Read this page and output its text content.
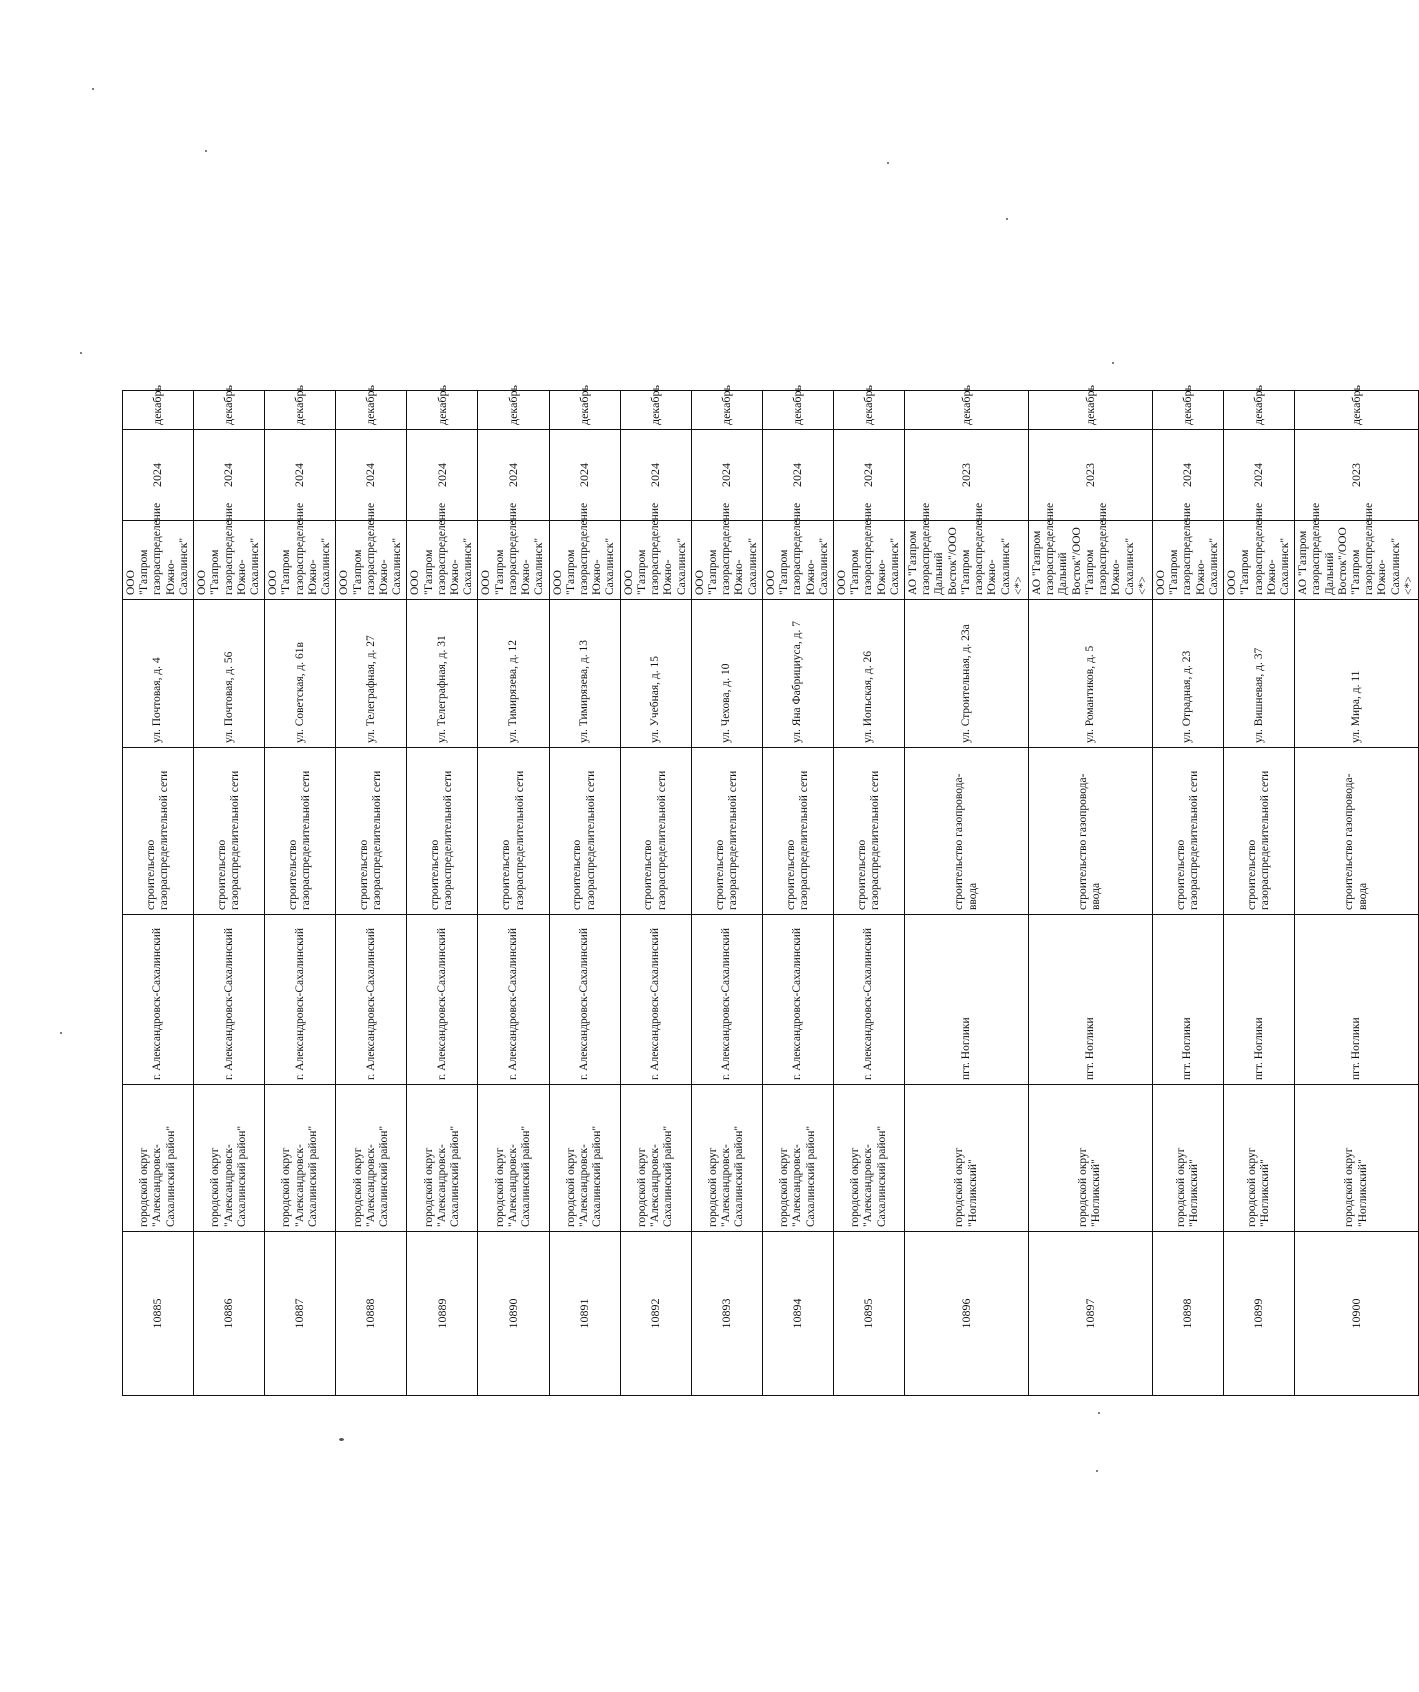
10885	городской округ "Александровск-Сахалинский район"	г. Александровск-Сахалинский	строительство газораспределительной сети	ул. Почтовая, д. 4	ООО "Газпром газораспределение Южно-Сахалинск"	2024	декабрь
10886	городской округ "Александровск-Сахалинский район"	г. Александровск-Сахалинский	строительство газораспределительной сети	ул. Почтовая, д. 56	ООО "Газпром газораспределение Южно-Сахалинск"	2024	декабрь
10887	городской округ "Александровск-Сахалинский район"	г. Александровск-Сахалинский	строительство газораспределительной сети	ул. Советская, д. 61в	ООО "Газпром газораспределение Южно-Сахалинск"	2024	декабрь
10888	городской округ "Александровск-Сахалинский район"	г. Александровск-Сахалинский	строительство газораспределительной сети	ул. Телеграфная, д. 27	ООО "Газпром газораспределение Южно-Сахалинск"	2024	декабрь
10889	городской округ "Александровск-Сахалинский район"	г. Александровск-Сахалинский	строительство газораспределительной сети	ул. Телеграфная, д. 31	ООО "Газпром газораспределение Южно-Сахалинск"	2024	декабрь
10890	городской округ "Александровск-Сахалинский район"	г. Александровск-Сахалинский	строительство газораспределительной сети	ул. Тимирязева, д. 12	ООО "Газпром газораспределение Южно-Сахалинск"	2024	декабрь
10891	городской округ "Александровск-Сахалинский район"	г. Александровск-Сахалинский	строительство газораспределительной сети	ул. Тимирязева, д. 13	ООО "Газпром газораспределение Южно-Сахалинск"	2024	декабрь
10892	городской округ "Александровск-Сахалинский район"	г. Александровск-Сахалинский	строительство газораспределительной сети	ул. Учебная, д. 15	ООО "Газпром газораспределение Южно-Сахалинск"	2024	декабрь
10893	городской округ "Александровск-Сахалинский район"	г. Александровск-Сахалинский	строительство газораспределительной сети	ул. Чехова, д. 10	ООО "Газпром газораспределение Южно-Сахалинск"	2024	декабрь
10894	городской округ "Александровск-Сахалинский район"	г. Александровск-Сахалинский	строительство газораспределительной сети	ул. Яна Фабрициуса, д. 7	ООО "Газпром газораспределение Южно-Сахалинск"	2024	декабрь
10895	городской округ "Александровск-Сахалинский район"	г. Александровск-Сахалинский	строительство газораспределительной сети	ул. Иопьская, д. 26	ООО "Газпром газораспределение Южно-Сахалинск"	2024	декабрь
10896	городской округ "Ногликский"	пгт. Ноглики	строительство газопровода-ввода	ул. Строительная, д. 23а	АО "Газпром газораспределение Дальний Восток"/ООО "Газпром газораспределение Южно-Сахалинск" <*>	2023	декабрь
10897	городской округ "Ногликский"	пгт. Ноглики	строительство газопровода-ввода	ул. Романтиков, д. 5	АО "Газпром газораспределение Дальний Восток"/ООО "Газпром газораспределение Южно-Сахалинск" <*>	2023	декабрь
10898	городской округ "Ногликский"	пгт. Ноглики	строительство газораспределительной сети	ул. Отрадная, д. 23	ООО "Газпром газораспределение Южно-Сахалинск"	2024	декабрь
10899	городской округ "Ногликский"	пгт. Ноглики	строительство газораспределительной сети	ул. Вишневая, д. 37	ООО "Газпром газораспределение Южно-Сахалинск"	2024	декабрь
10900	городской округ "Ногликский"	пгт. Ноглики	строительство газопровода-ввода	ул. Мира, д. 11	АО "Газпром газораспределение Дальний Восток"/ООО "Газпром газораспределение Южно-Сахалинск" <*>	2023	декабрь
